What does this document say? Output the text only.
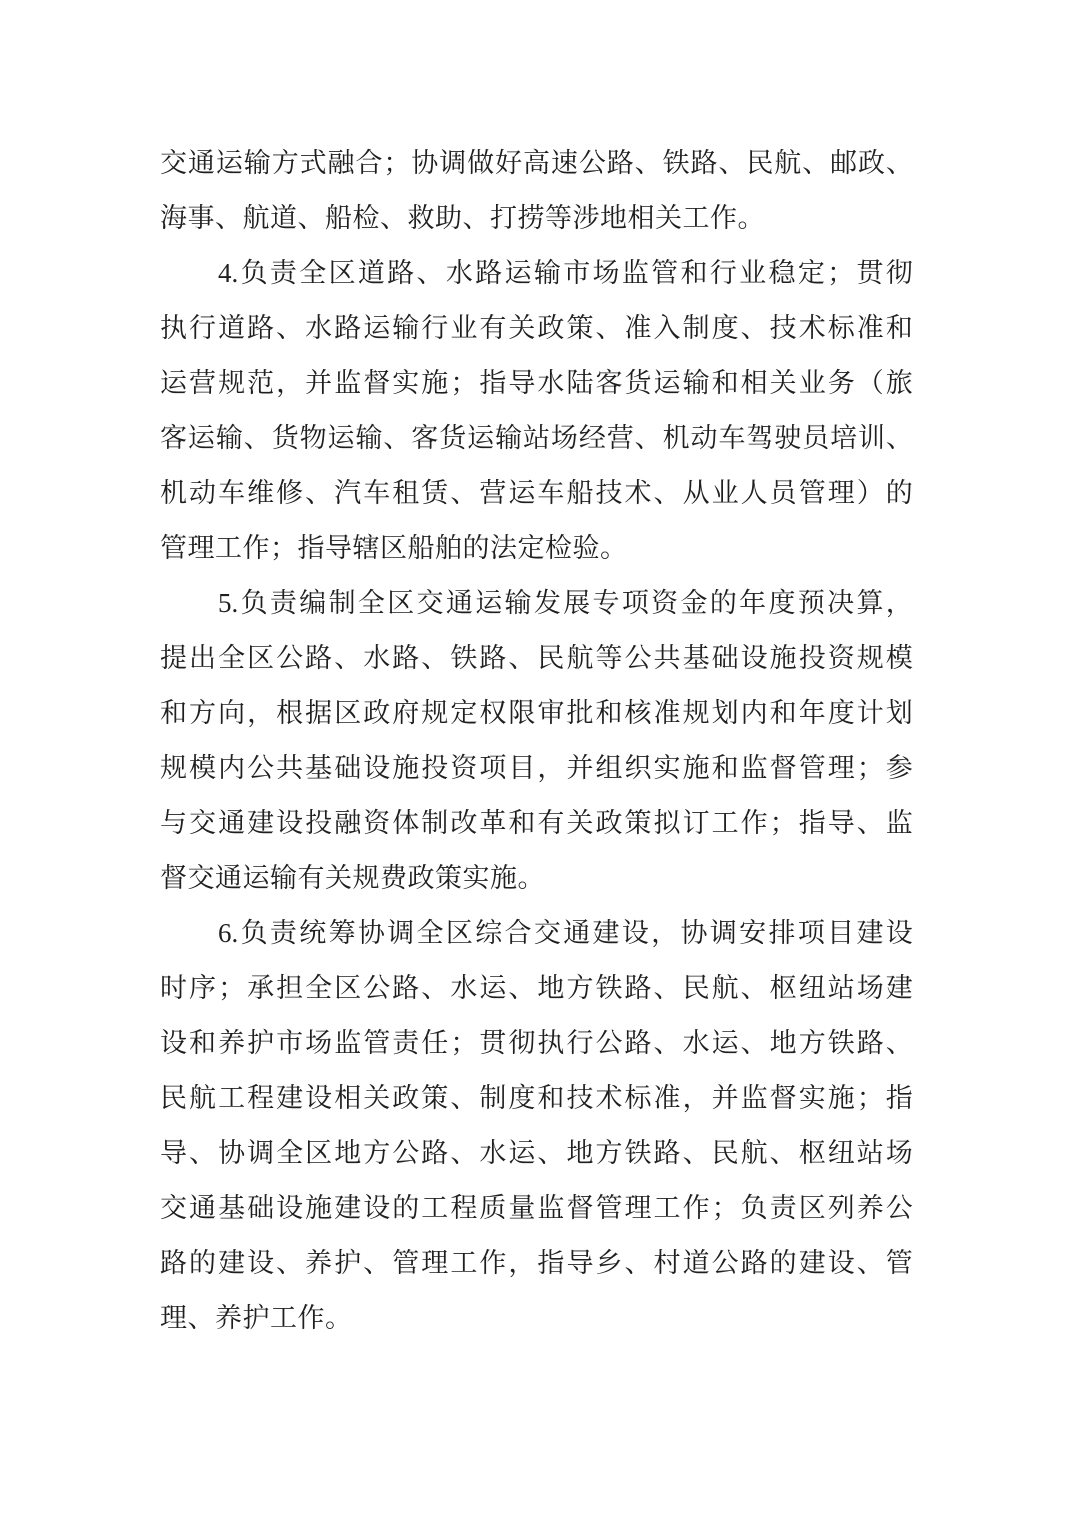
交 通 运 输 方 式 融 合 ； 协 调 做 好 高 速 公 路 、 铁 路 、 民 航 、 邮 政 、
海事、航道、船检、救助、打捞等涉地相关工作。
4. 负 责 全 区 道 路 、 水 路 运 输 市 场 监 管 和 行 业 稳 定 ； 贯 彻
执 行 道 路 、 水 路 运 输 行 业 有 关 政 策 、 准 入 制 度 、 技 术 标 准 和
运 营 规 范 ， 并 监 督 实 施 ； 指 导 水 陆 客 货 运 输 和 相 关 业 务 （ 旅
客 运 输 、 货 物 运 输 、 客 货 运 输 站 场 经 营 、 机 动 车 驾 驶 员 培 训 、
机 动 车 维 修 、 汽 车 租 赁 、 营 运 车 船 技 术 、 从 业 人 员 管 理 ） 的
管理工作；指导辖区船舶的法定检验。
5. 负 责 编 制 全 区 交 通 运 输 发 展 专 项 资 金 的 年 度 预 决 算 ，
提 出 全 区 公 路 、 水 路 、 铁 路 、 民 航 等 公 共 基 础 设 施 投 资 规 模
和 方 向 ， 根 据 区 政 府 规 定 权 限 审 批 和 核 准 规 划 内 和 年 度 计 划
规 模 内 公 共 基 础 设 施 投 资 项 目 ， 并 组 织 实 施 和 监 督 管 理 ； 参
与 交 通 建 设 投 融 资 体 制 改 革 和 有 关 政 策 拟 订 工 作 ； 指 导 、 监
督交通运输有关规费政策实施。
6. 负 责 统 筹 协 调 全 区 综 合 交 通 建 设 ， 协 调 安 排 项 目 建 设
时 序 ； 承 担 全 区 公 路 、 水 运 、 地 方 铁 路 、 民 航 、 枢 纽 站 场 建
设 和 养 护 市 场 监 管 责 任 ； 贯 彻 执 行 公 路 、 水 运 、 地 方 铁 路 、
民 航 工 程 建 设 相 关 政 策 、 制 度 和 技 术 标 准 ， 并 监 督 实 施 ； 指
导 、 协 调 全 区 地 方 公 路 、 水 运 、 地 方 铁 路 、 民 航 、 枢 纽 站 场
交 通 基 础 设 施 建 设 的 工 程 质 量 监 督 管 理 工 作 ； 负 责 区 列 养 公
路 的 建 设 、 养 护 、 管 理 工 作 ， 指 导 乡 、 村 道 公 路 的 建 设 、 管
理、养护工作。
